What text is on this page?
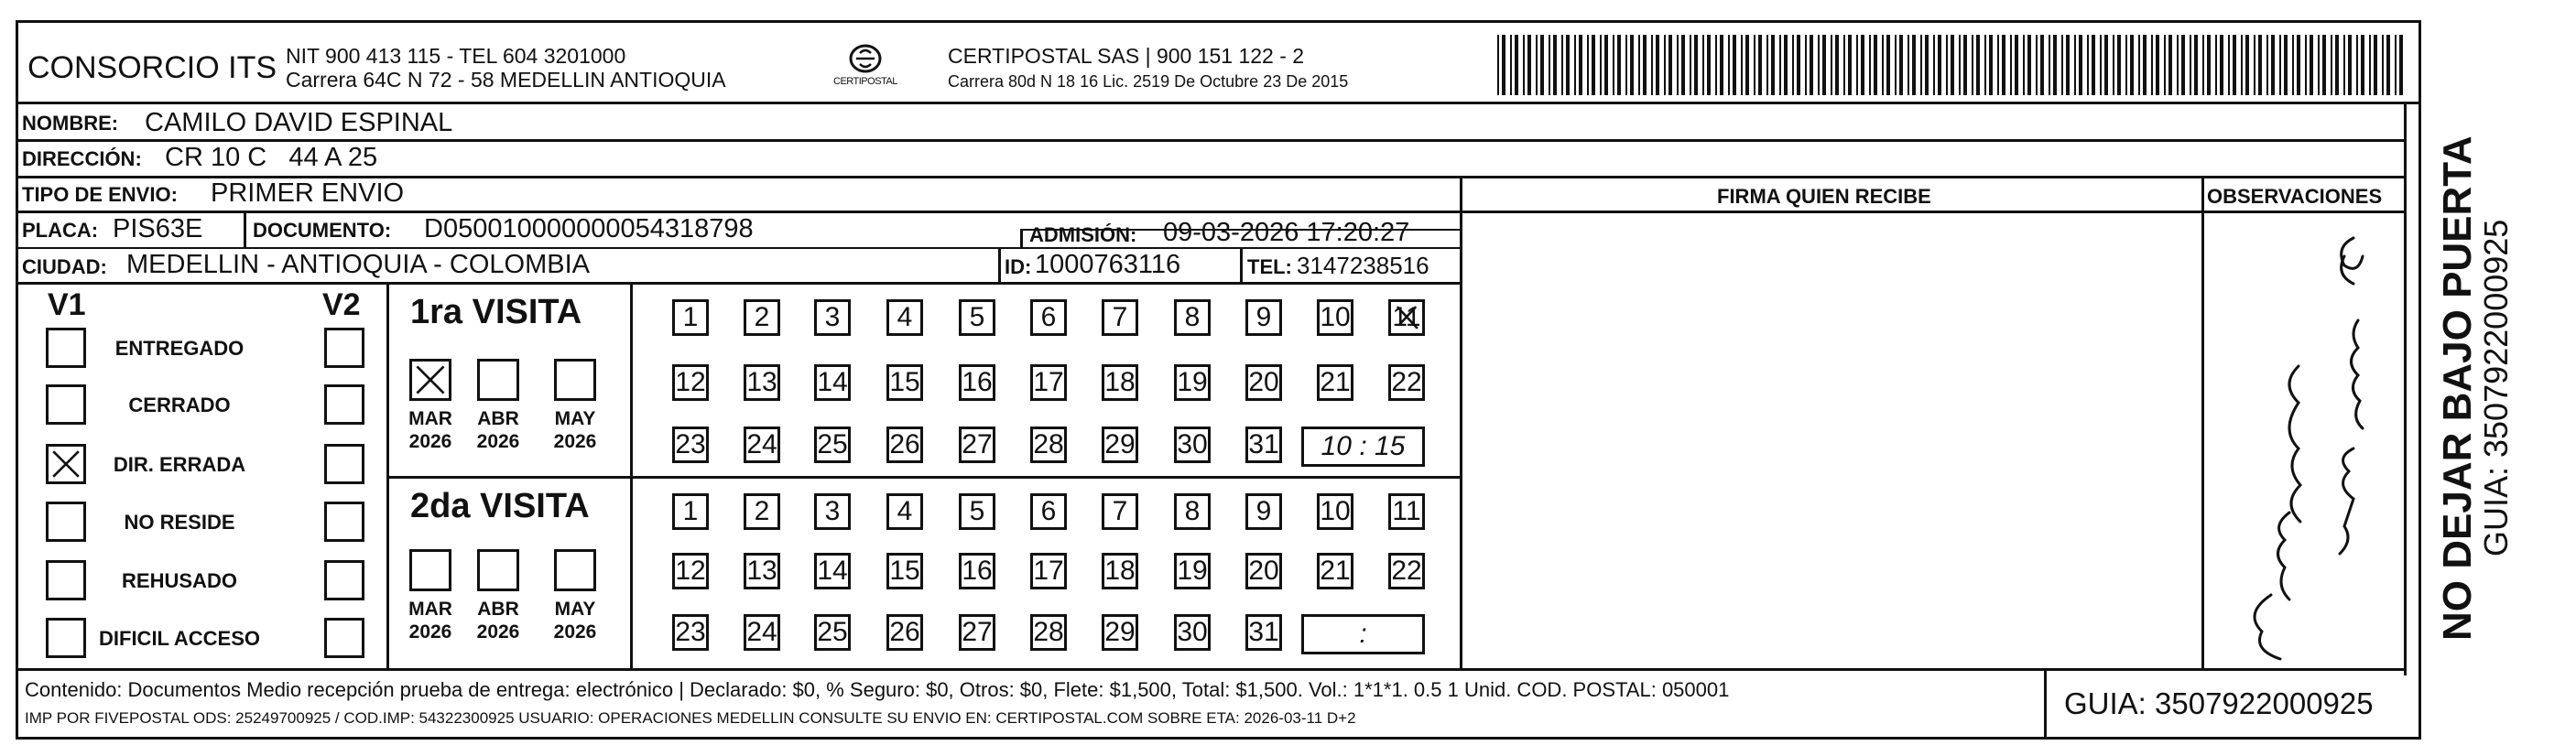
CONSORCIO ITS NIT 900 413 115 - TEL 604 3201000
Carrera 64C N 72 - 58 MEDELLIN ANTIOQUIA	CERTIPOSTAL
CERTIPOSTAL SAS | 900 151 122 - 2
Carrera 80d N 18 16 Lic. 2519 De Octubre 23 De 2015
NOMBRE: CAMILO DAVID ESPINAL
DIRECCIÓN: CR 10 C   44 A 25
TIPO DE ENVIO: PRIMER ENVIO
PLACA: PIS63E DOCUMENTO: D050010000000054318798	ADMISIÓN: 09-03-2026 17:20:27
CIUDAD: MEDELLIN - ANTIOQUIA - COLOMBIA	ID: 1000763116	TEL: 3147238516
V1	V2
ENTREGADO
CERRADO
DIR. ERRADA
NO RESIDE
REHUSADO
DIFICIL ACCESO
1ra VISITA
2da VISITA
MAR
2026
ABR
2026
MAY
2026
MAR
2026
ABR
2026
MAY
2026
1	2	3	4	5	6	7	8	9	10 11
12 13 14 15 16 17 18 19 20 21 22
23 24 25 26 27 28 29 30 31	10 : 15
1	2	3	4	5	6	7	8	9	10 11
12 13 14 15 16 17 18 19 20 21 22
23 24 25 26 27 28 29 30 31	:
FIRMA QUIEN RECIBE	OBSERVACIONES NO DEJAR BAJO PUERTA
GUIA: 3507922000925
Contenido: Documentos Medio recepción prueba de entrega: electrónico | Declarado: $0, % Seguro: $0, Otros: $0, Flete: $1,500, Total: $1,500. Vol.: 1*1*1. 0.5 1 Unid. COD. POSTAL: 050001
IMP POR FIVEPOSTAL ODS: 25249700925 / COD.IMP: 54322300925 USUARIO: OPERACIONES MEDELLIN CONSULTE SU ENVIO EN: CERTIPOSTAL.COM SOBRE ETA: 2026-03-11 D+2	GUIA: 3507922000925
